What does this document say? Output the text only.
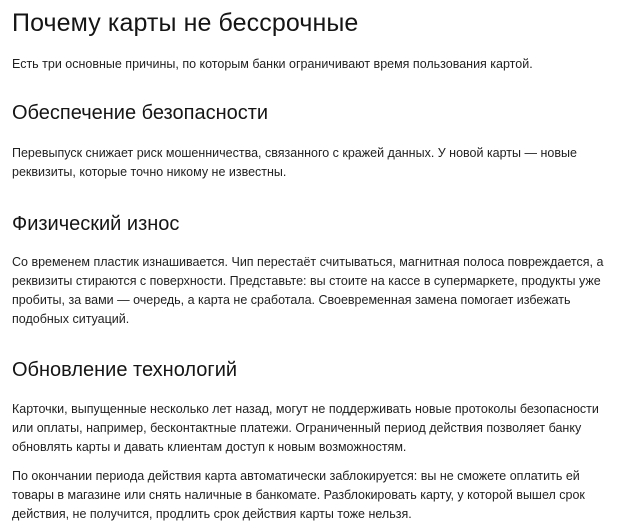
Почему карты не бессрочные

Есть три основные причины, по которым банки ограничивают время пользования картой.

Обеспечение безопасности

Перевыпуск снижает риск мошенничества, связанного с кражей данных. У новой карты — новые реквизиты, которые точно никому не известны.

Физический износ

Со временем пластик изнашивается. Чип перестаёт считываться, магнитная полоса повреждается, а реквизиты стираются с поверхности. Представьте: вы стоите на кассе в супермаркете, продукты уже пробиты, за вами — очередь, а карта не сработала. Своевременная замена помогает избежать подобных ситуаций.

Обновление технологий

Карточки, выпущенные несколько лет назад, могут не поддерживать новые протоколы безопасности или оплаты, например, бесконтактные платежи. Ограниченный период действия позволяет банку обновлять карты и давать клиентам доступ к новым возможностям.

По окончании периода действия карта автоматически заблокируется: вы не сможете оплатить ей товары в магазине или снять наличные в банкомате. Разблокировать карту, у которой вышел срок действия, не получится, продлить срок действия карты тоже нельзя.
